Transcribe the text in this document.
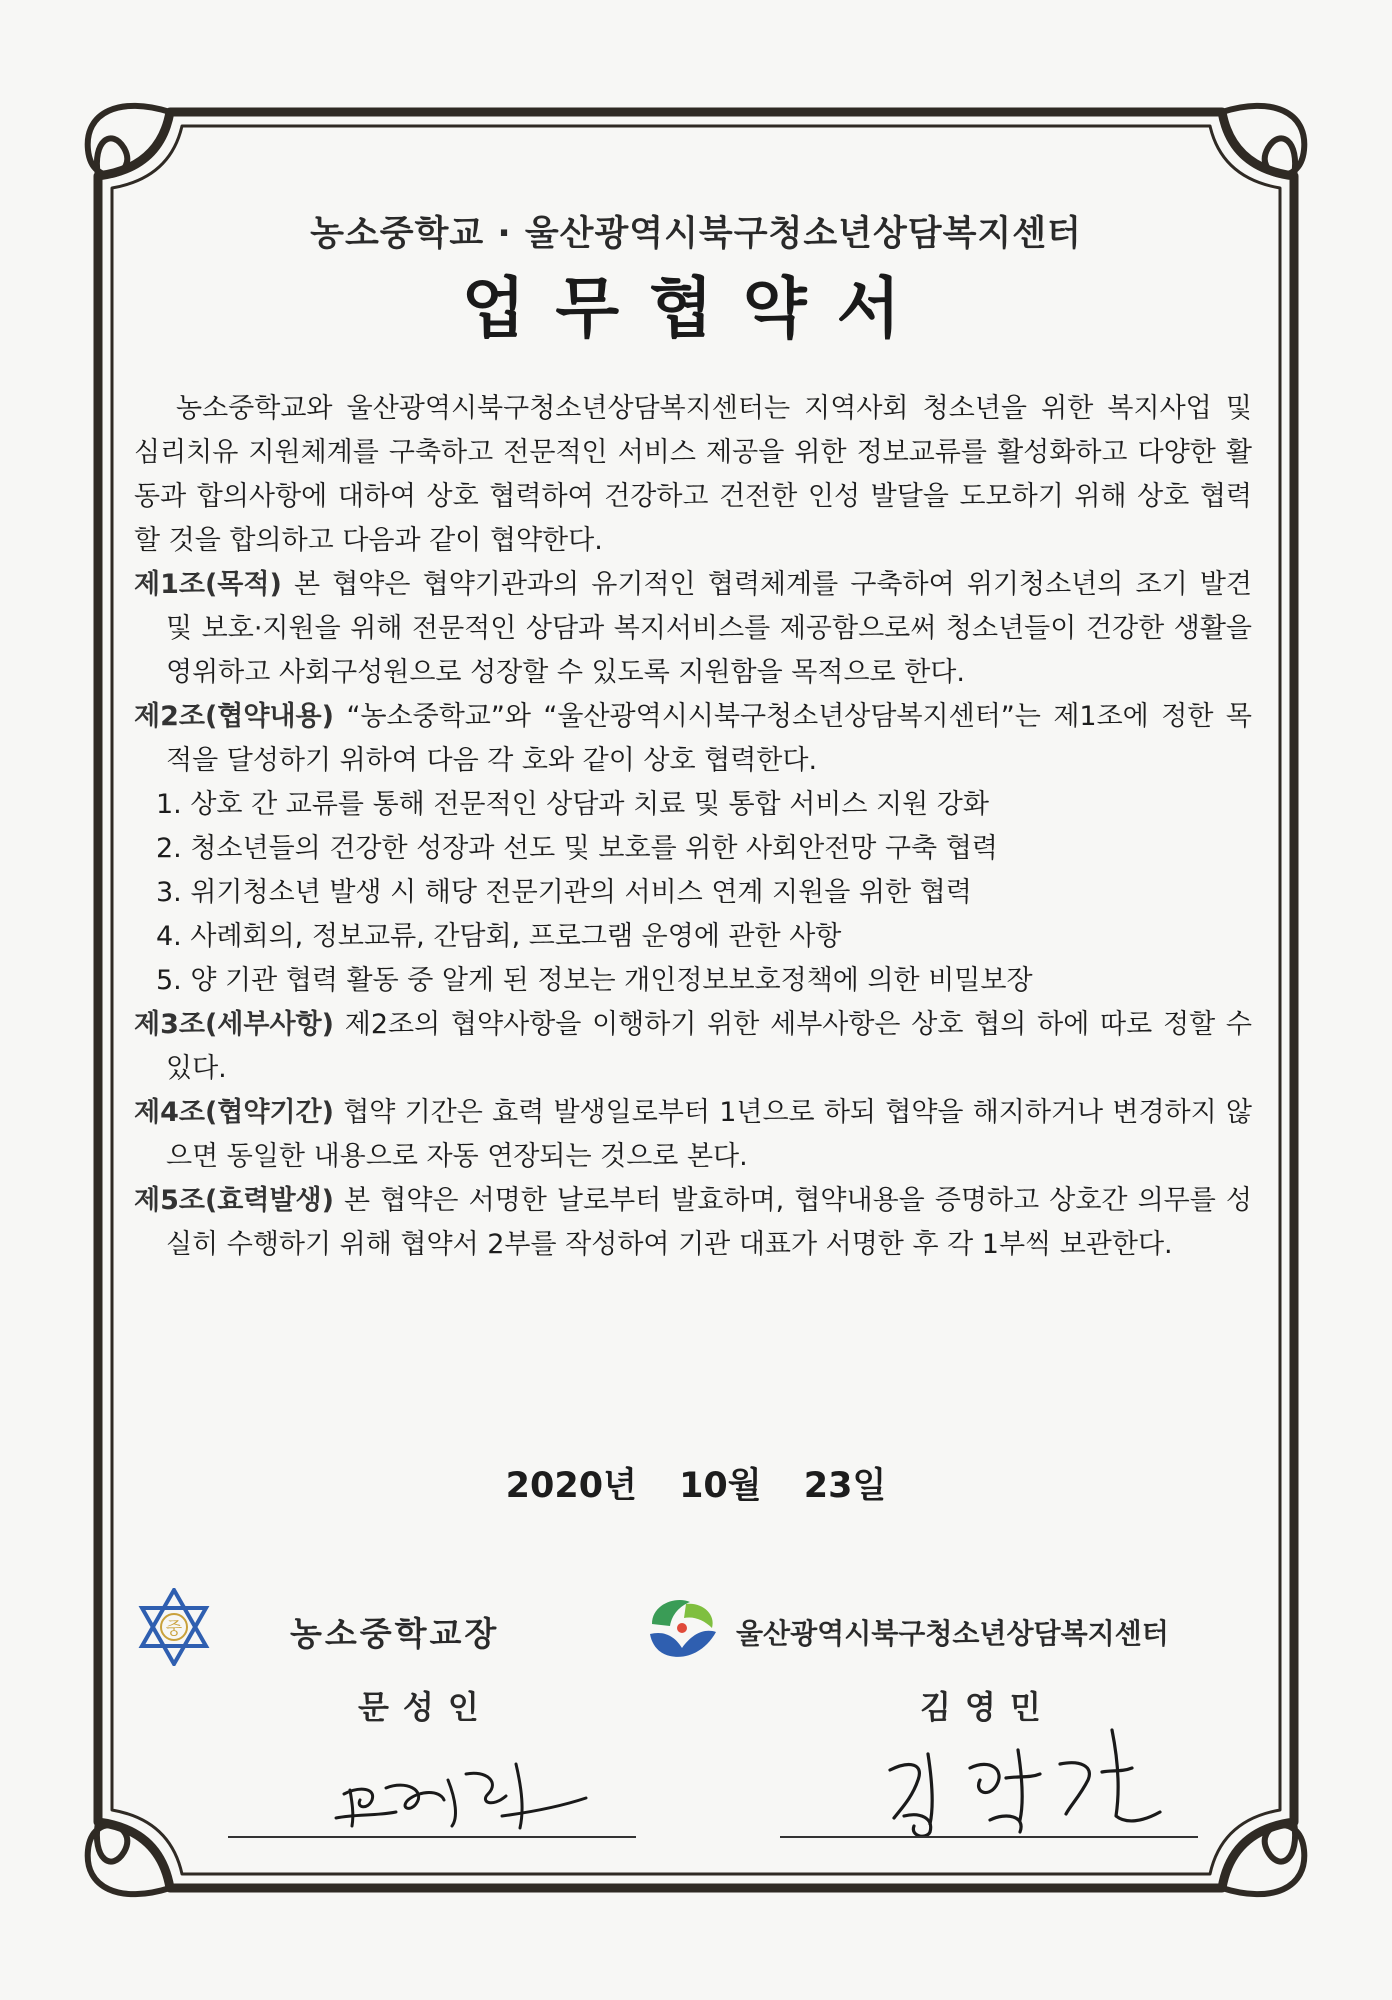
농소중학교 · 울산광역시북구청소년상담복지센터
업무협약서

농소중학교와 울산광역시북구청소년상담복지센터는 지역사회 청소년을 위한 복지사업 및 심리치유 지원체계를 구축하고 전문적인 서비스 제공을 위한 정보교류를 활성화하고 다양한 활동과 합의사항에 대하여 상호 협력하여 건강하고 건전한 인성 발달을 도모하기 위해 상호 협력할 것을 합의하고 다음과 같이 협약한다.

제1조(목적) 본 협약은 협약기관과의 유기적인 협력체계를 구축하여 위기청소년의 조기 발견 및 보호·지원을 위해 전문적인 상담과 복지서비스를 제공함으로써 청소년들이 건강한 생활을 영위하고 사회구성원으로 성장할 수 있도록 지원함을 목적으로 한다.

제2조(협약내용) “농소중학교”와 “울산광역시시북구청소년상담복지센터”는 제1조에 정한 목적을 달성하기 위하여 다음 각 호와 같이 상호 협력한다.

1. 상호 간 교류를 통해 전문적인 상담과 치료 및 통합 서비스 지원 강화
2. 청소년들의 건강한 성장과 선도 및 보호를 위한 사회안전망 구축 협력
3. 위기청소년 발생 시 해당 전문기관의 서비스 연계 지원을 위한 협력
4. 사례회의, 정보교류, 간담회, 프로그램 운영에 관한 사항
5. 양 기관 협력 활동 중 알게 된 정보는 개인정보보호정책에 의한 비밀보장

제3조(세부사항) 제2조의 협약사항을 이행하기 위한 세부사항은 상호 협의 하에 따로 정할 수 있다.

제4조(협약기간) 협약 기간은 효력 발생일로부터 1년으로 하되 협약을 해지하거나 변경하지 않으면 동일한 내용으로 자동 연장되는 것으로 본다.

제5조(효력발생) 본 협약은 서명한 날로부터 발효하며, 협약내용을 증명하고 상호간 의무를 성실히 수행하기 위해 협약서 2부를 작성하여 기관 대표가 서명한 후 각 1부씩 보관한다.

2020년 10월 23일
중	농소중학교장
문성인
울산광역시북구청소년상담복지센터
김영민
